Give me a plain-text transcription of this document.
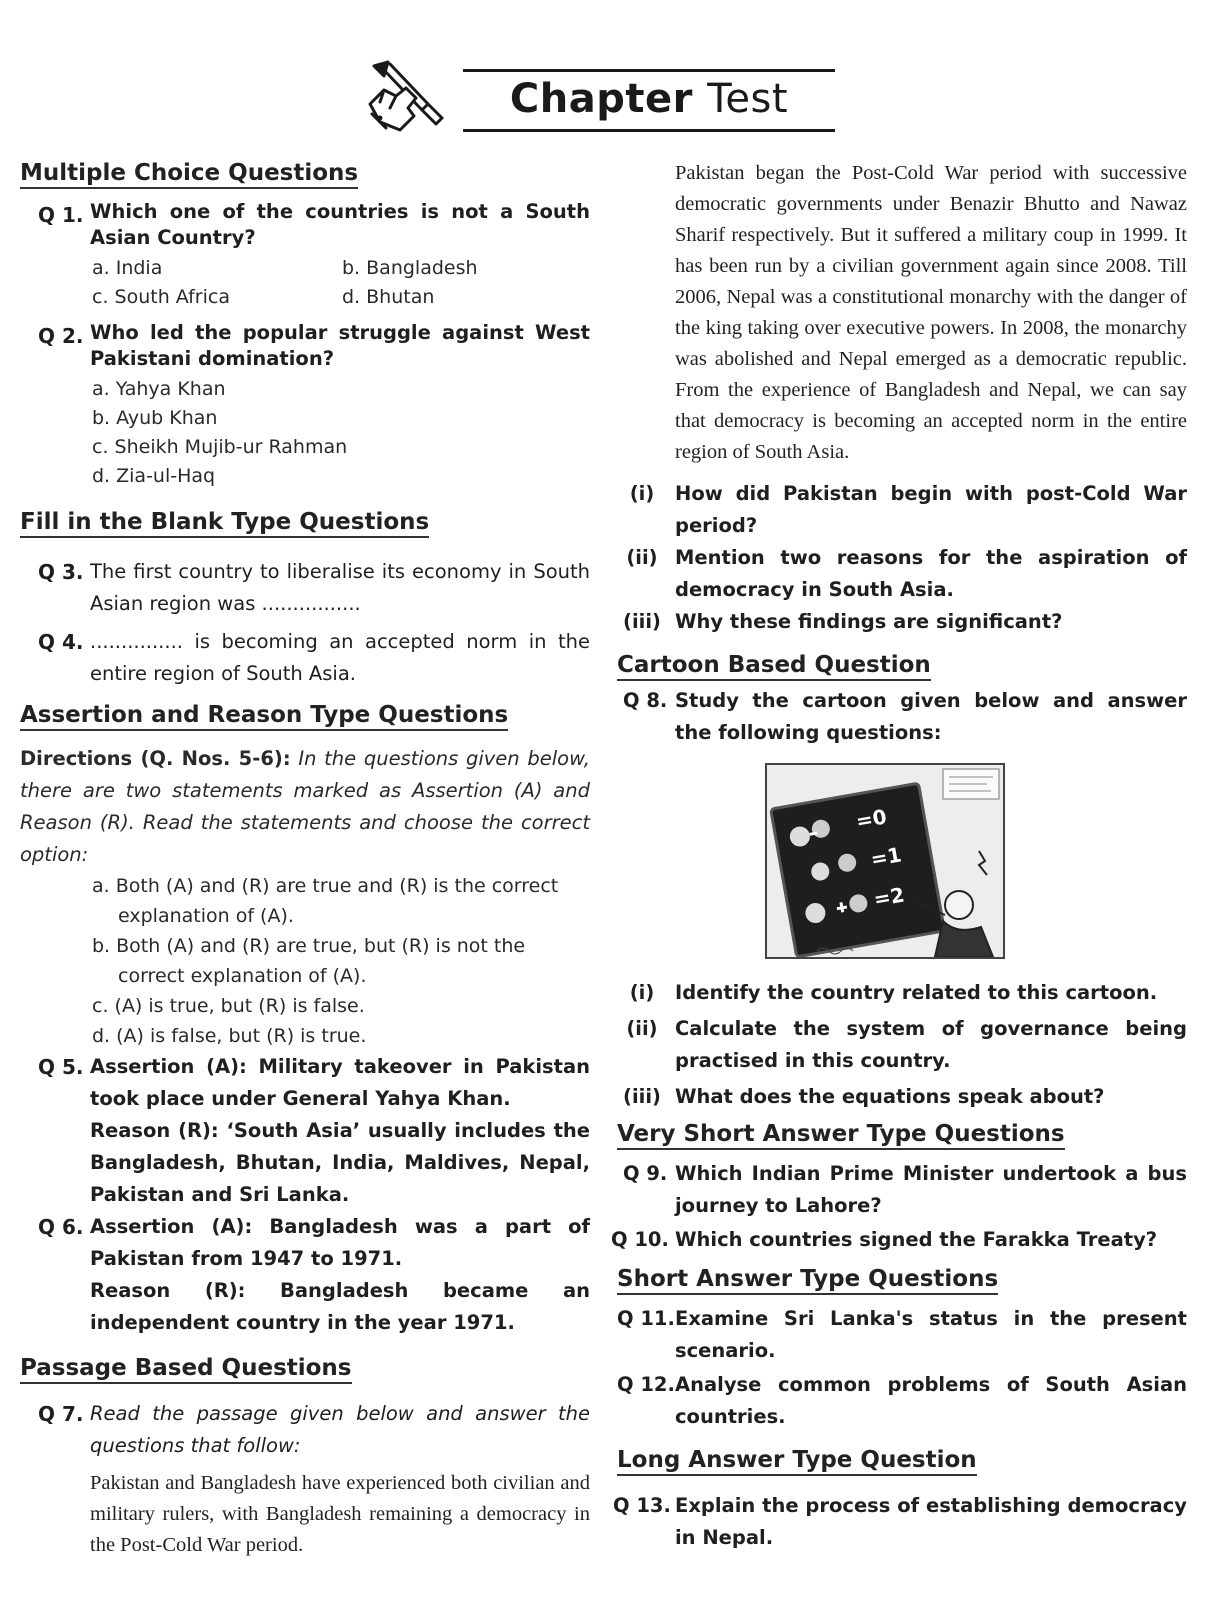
Chapter Test
Multiple Choice Questions
Q 1. Which one of the countries is not a South Asian Country?
a. India	b. Bangladesh
c. South Africa	d. Bhutan
Q 2. Who led the popular struggle against West Pakistani domination?
a. Yahya Khan
b. Ayub Khan
c. Sheikh Mujib-ur Rahman
d. Zia-ul-Haq
Fill in the Blank Type Questions
Q 3. The first country to liberalise its economy in South Asian region was ................
Q 4. ............... is becoming an accepted norm in the entire region of South Asia.
Assertion and Reason Type Questions
Directions (Q. Nos. 5-6): In the questions given below, there are two statements marked as Assertion (A) and Reason (R). Read the statements and choose the correct option:
a. Both (A) and (R) are true and (R) is the correct explanation of (A).
b. Both (A) and (R) are true, but (R) is not the correct explanation of (A).
c. (A) is true, but (R) is false.
d. (A) is false, but (R) is true.
Q 5. Assertion (A): Military takeover in Pakistan took place under General Yahya Khan.
Reason (R): ‘South Asia’ usually includes the Bangladesh, Bhutan, India, Maldives, Nepal, Pakistan and Sri Lanka.
Q 6. Assertion (A): Bangladesh was a part of Pakistan from 1947 to 1971.
Reason (R): Bangladesh became an independent country in the year 1971.
Passage Based Questions
Q 7. Read the passage given below and answer the questions that follow:
Pakistan and Bangladesh have experienced both civilian and military rulers, with Bangladesh remaining a democracy in the Post-Cold War period.
Pakistan began the Post-Cold War period with successive democratic governments under Benazir Bhutto and Nawaz Sharif respectively. But it suffered a military coup in 1999. It has been run by a civilian government again since 2008. Till 2006, Nepal was a constitutional monarchy with the danger of the king taking over executive powers. In 2008, the monarchy was abolished and Nepal emerged as a democratic republic. From the experience of Bangladesh and Nepal, we can say that democracy is becoming an accepted norm in the entire region of South Asia.
(i)	How did Pakistan begin with post-Cold War period?
(ii) Mention two reasons for the aspiration of democracy in South Asia.
(iii) Why these findings are significant?
Cartoon Based Question
Q 8. Study the cartoon given below and answer the following questions:
=0
=1
=2
(i)	Identify the country related to this cartoon.
(ii) Calculate the system of governance being practised in this country.
(iii) What does the equations speak about?
Very Short Answer Type Questions
Q 9. Which Indian Prime Minister undertook a bus journey to Lahore?
Q 10. Which countries signed the Farakka Treaty?
Short Answer Type Questions
Q 11. Examine Sri Lanka's status in the present scenario.
Q 12. Analyse common problems of South Asian countries.
Long Answer Type Question
Q 13. Explain the process of establishing democracy in Nepal.
